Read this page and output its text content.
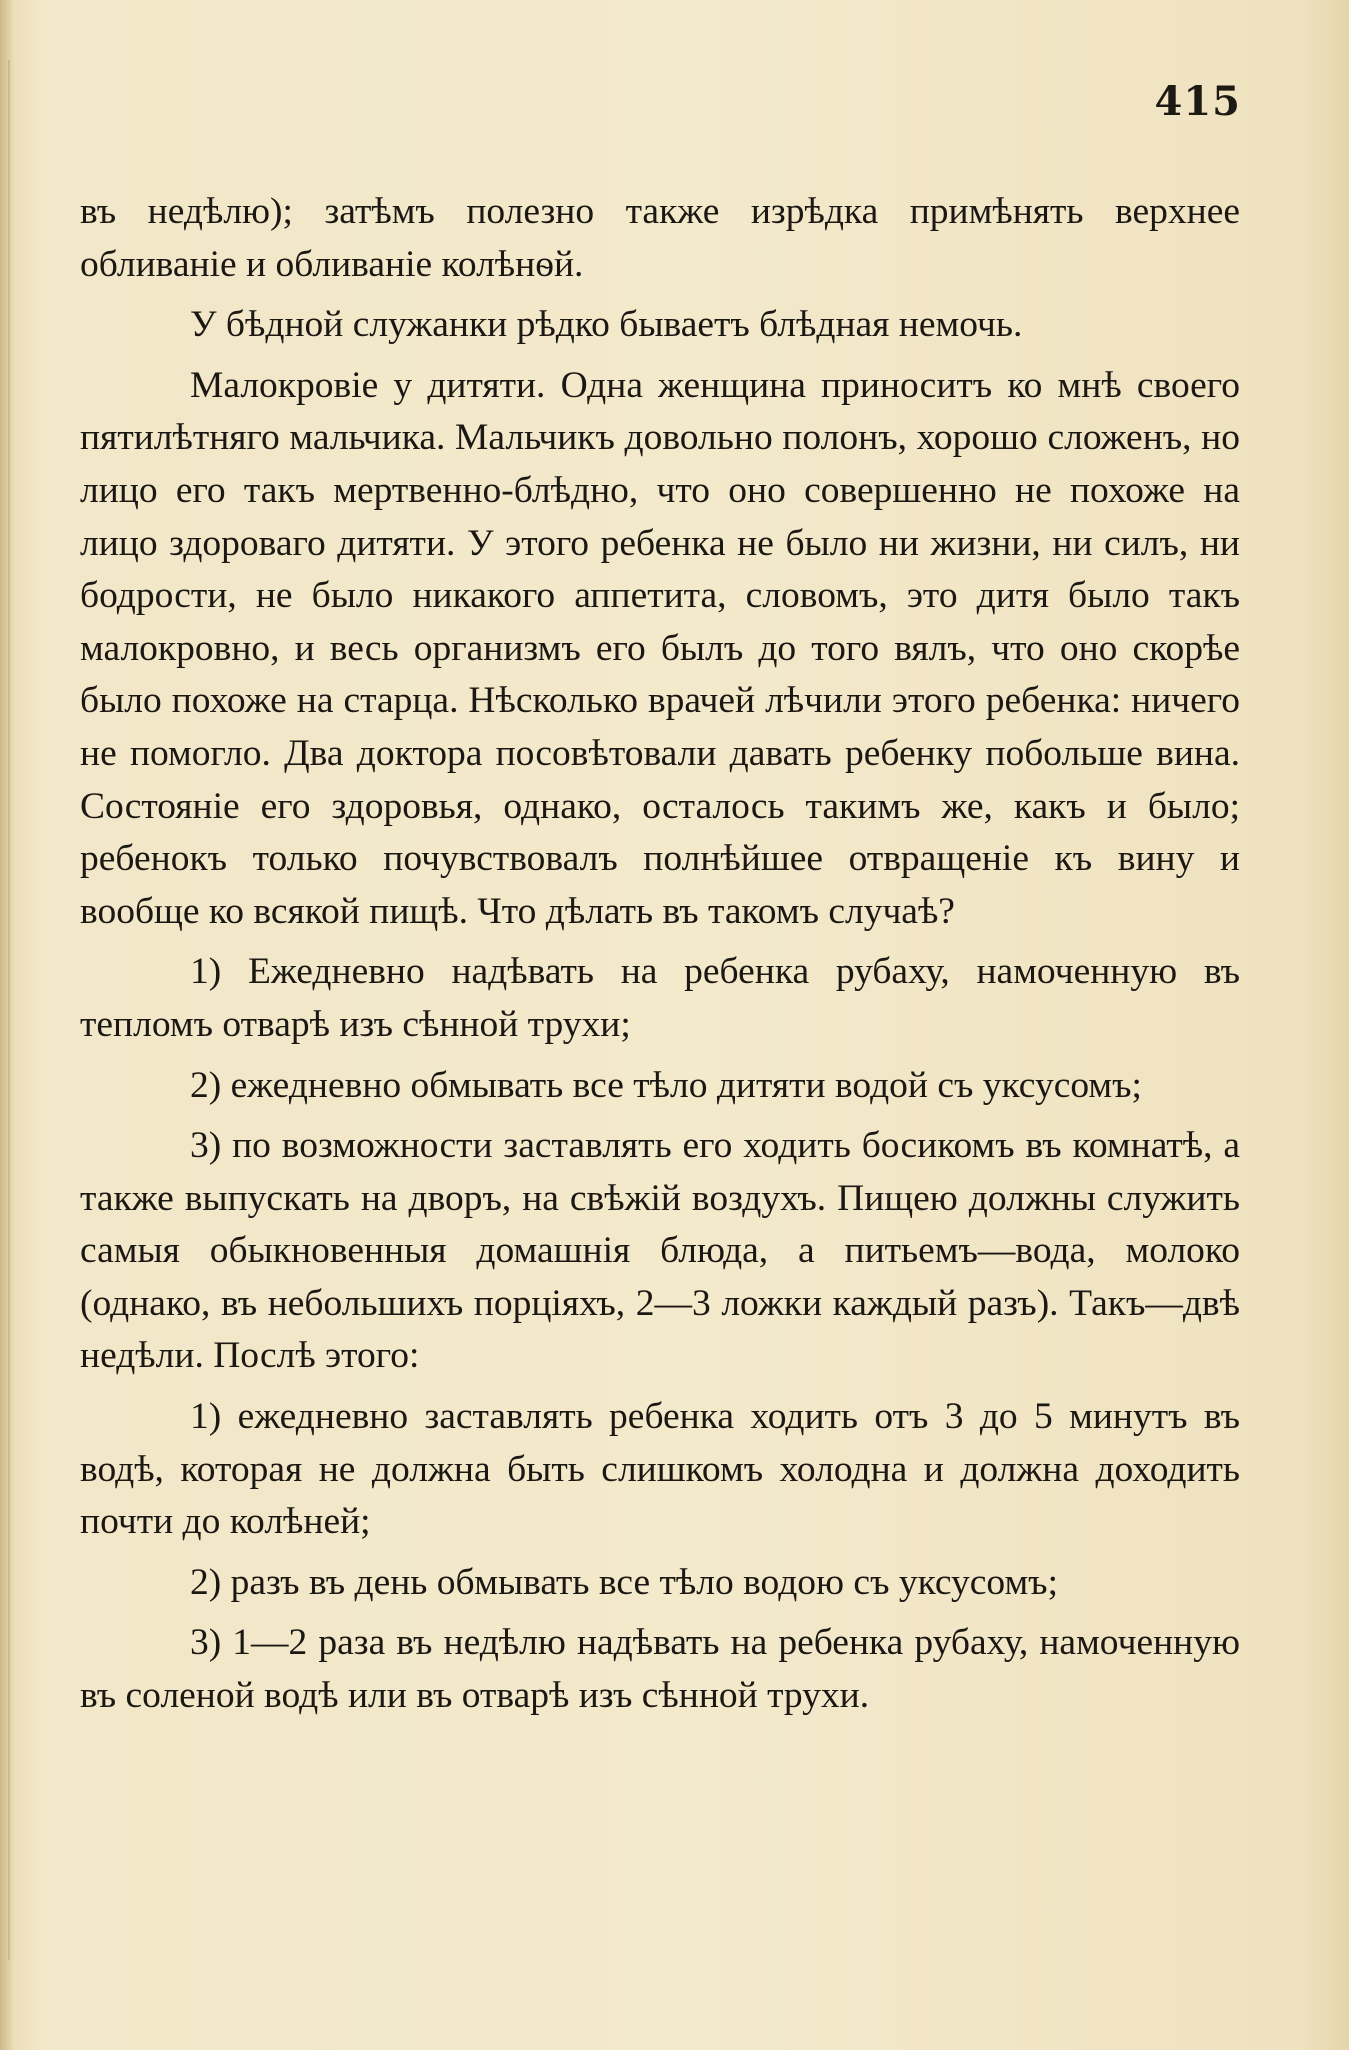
415

въ недѣлю); затѣмъ полезно также изрѣдка примѣнять верхнее обливаніе и обливаніе колѣнѳй.

У бѣдной служанки рѣдко бываетъ блѣдная немочь.

Малокровіе у дитяти. Одна женщина приноситъ ко мнѣ своего пятилѣтняго мальчика. Мальчикъ довольно полонъ, хорошо сложенъ, но лицо его такъ мертвенно-блѣдно, что оно совершенно не похоже на лицо здороваго дитяти. У этого ребенка не было ни жизни, ни силъ, ни бодрости, не было никакого аппетита, словомъ, это дитя было такъ малокровно, и весь организмъ его былъ до того вялъ, что оно скорѣе было похоже на старца. Нѣсколько врачей лѣчили этого ребенка: ничего не помогло. Два доктора посовѣтовали давать ребенку побольше вина. Состояніе его здоровья, однако, осталось такимъ же, какъ и было; ребенокъ только почувствовалъ полнѣйшее отвращеніе къ вину и вообще ко всякой пищѣ. Что дѣлать въ такомъ случаѣ?

1) Ежедневно надѣвать на ребенка рубаху, намоченную въ тепломъ отварѣ изъ сѣнной трухи;

2) ежедневно обмывать все тѣло дитяти водой съ уксусомъ;

3) по возможности заставлять его ходить босикомъ въ комнатѣ, а также выпускать на дворъ, на свѣжій воздухъ. Пищею должны служить самыя обыкновенныя домашнія блюда, а питьемъ—вода, молоко (однако, въ небольшихъ порціяхъ, 2—3 ложки каждый разъ). Такъ—двѣ недѣли. Послѣ этого:

1) ежедневно заставлять ребенка ходить отъ 3 до 5 минутъ въ водѣ, которая не должна быть слишкомъ холодна и должна доходить почти до колѣней;

2) разъ въ день обмывать все тѣло водою съ уксусомъ;

3) 1—2 раза въ недѣлю надѣвать на ребенка рубаху, намоченную въ соленой водѣ или въ отварѣ изъ сѣнной трухи.
